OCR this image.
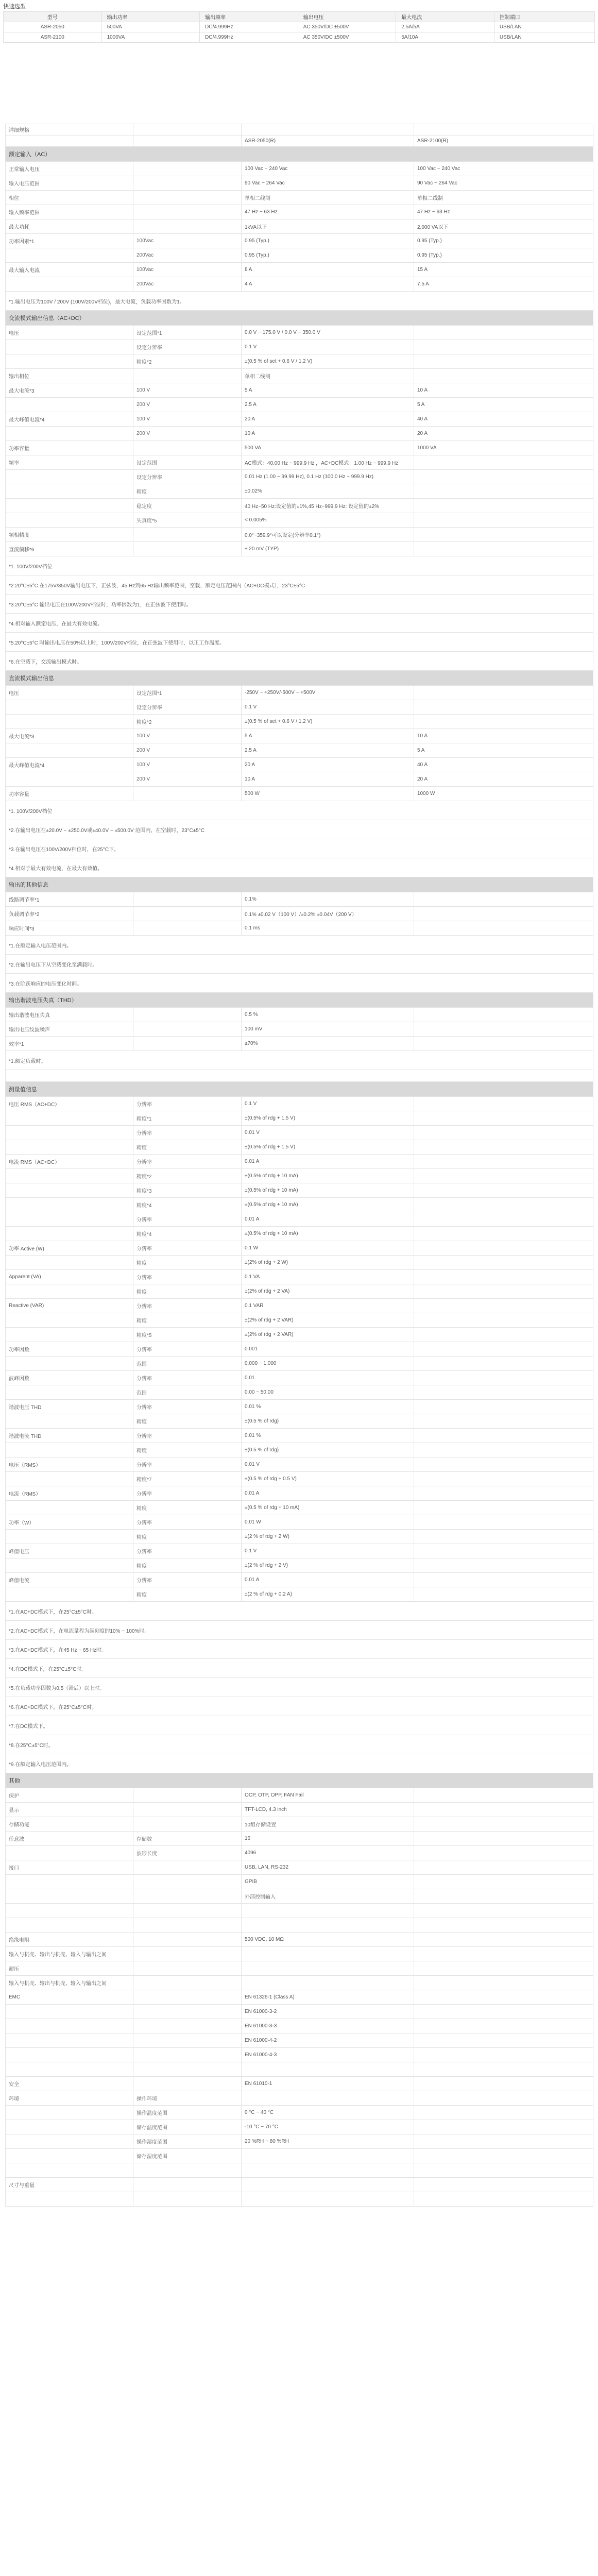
快速选型
型号	输出功率	输出频率	输出电压	最大电流	控制端口
ASR-2050	500VA	DC/4.999Hz	AC 350V/DC ±500V	2.5A/5A	USB/LAN
ASR-2100	1000VA	DC/4.999Hz	AC 350V/DC ±500V	5A/10A	USB/LAN
详细规格			
		ASR-2050(R)	ASR-2100(R)
额定输入（AC）			
正常输入电压		100 Vac ~ 240 Vac	100 Vac ~ 240 Vac
输入电压范围		90 Vac ~ 264 Vac	90 Vac ~ 264 Vac
相位		单相二线制	单相二线制
输入频率范围		47 Hz ~ 63 Hz	47 Hz ~ 63 Hz
最大功耗		1kVA以下	2,000 VA以下
功率因素*1	100Vac	0.95 (Typ.)	0.95 (Typ.)
	200Vac	0.95 (Typ.)	0.95 (Typ.)
最大输入电流	100Vac	8 A	15 A
	200Vac	4 A	7.5 A
*1.输出电压为100V / 200V (100V/200V档位)，最大电流，负载功率因数为1。			
交流模式输出信息（AC+DC）			
电压	设定范围*1	0.0 V ~ 175.0 V / 0.0 V ~ 350.0 V	
	设定分辨率	0.1 V	
	精度*2	±(0.5 % of set + 0.6 V / 1.2 V)	
输出相位		单相二线制	
最大电流*3	100 V	5 A	10 A
	200 V	2.5 A	5 A
最大峰值电流*4	100 V	20 A	40 A
	200 V	10 A	20 A
功率容量		500 VA	1000 VA
频率	设定范围	AC模式：40.00 Hz ~ 999.9 Hz ，AC+DC模式：1.00 Hz ~ 999.9 Hz	
	设定分辨率	0.01 Hz (1.00 ~ 99.99 Hz), 0.1 Hz (100.0 Hz ~ 999.9 Hz)	
	精度	±0.02%	
	稳定度	40 Hz~50 Hz:设定值的±1%,45 Hz~999.9 Hz: 设定值的±2%	
	失真度*5	< 0.005%	
频相精度		0.0°~359.9°可以设定(分辨率0.1°)	
直流偏移*6		± 20 mV (TYP)	
*1. 100V/200V档位			
*2.20°C±5°C 在175V/350V输出电压下，正弦波，45 Hz到65 Hz输出频率范围，空载，额定电压范围内（AC+DC模式），23°C±5°C			
*3.20°C±5°C 输出电压在100V/200V档位时，功率因数为1，在正弦波下使用时。			
*4.相对输入额定电压，在最大有效电流。			
*5.20°C±5°C 时输出电压在50%以上时，100V/200V档位，在正弦波下使用时，以正工作温度。			
*6.在空载下，交流输出模式时。			
直流模式输出信息			
电压	设定范围*1	-250V ~ +250V/-500V ~ +500V	
	设定分辨率	0.1 V	
	精度*2	±(0.5 % of set + 0.6 V / 1.2 V)	
最大电流*3	100 V	5 A	10 A
	200 V	2.5 A	5 A
最大峰值电流*4	100 V	20 A	40 A
	200 V	10 A	20 A
功率容量		500 W	1000 W
*1. 100V/200V档位			
*2.在输出电压在±20.0V ~ ±250.0V或±40.0V ~ ±500.0V 范围内，在空载时，23°C±5°C			
*3.在输出电压在100V/200V档位时，在25°C下。			
*4.相对于最大有效电流，在最大有效值。			
输出的其他信息			
线路调节率*1		0.1%	
负载调节率*2		0.1% ±0.02 V（100 V）/±0.2% ±0.04V（200 V）	
响应时间*3		0.1 ms	
*1.在额定输入电压范围内。			
*2.在输出电压下从空载变化至满载时。			
*3.在阶跃响应的电压变化时间。			
输出谐波电压失真（THD）			
输出谐波电压失真		0.5 %	
输出电压纹波噪声		100 mV	
效率*1		≥70%	
*1.额定负载时。			

测量值信息			
电压 RMS（AC+DC）	分辨率	0.1 V	
	精度*1	±(0.5% of rdg + 1.5 V)	
	分辨率	0.01 V	
	精度	±(0.5% of rdg + 1.5 V)	
电流 RMS（AC+DC）	分辨率	0.01 A	
	精度*2	±(0.5% of rdg + 10 mA)	
	精度*3	±(0.5% of rdg + 10 mA)	
	精度*4	±(0.5% of rdg + 10 mA)	
	分辨率	0.01 A	
	精度*4	±(0.5% of rdg + 10 mA)	
功率 Active (W)	分辨率	0.1 W	
	精度	±(2% of rdg + 2 W)	
Apparent (VA)	分辨率	0.1 VA	
	精度	±(2% of rdg + 2 VA)	
Reactive (VAR)	分辨率	0.1 VAR	
	精度	±(2% of rdg + 2 VAR)	
	精度*5	±(2% of rdg + 2 VAR)	
功率因数	分辨率	0.001	
	范围	0.000 ~ 1.000	
波峰因数	分辨率	0.01	
	范围	0.00 ~ 50.00	
谐波电压 THD	分辨率	0.01 %	
	精度	±(0.5 % of rdg)	
谐波电流 THD	分辨率	0.01 %	
	精度	±(0.5 % of rdg)	
电压（RMS）	分辨率	0.01 V	
	精度*7	±(0.5 % of rdg + 0.5 V)	
电流（RMS）	分辨率	0.01 A	
	精度	±(0.5 % of rdg + 10 mA)	
功率（W）	分辨率	0.01 W	
	精度	±(2 % of rdg + 2 W)	
峰值电压	分辨率	0.1 V	
	精度	±(2 % of rdg + 2 V)	
峰值电流	分辨率	0.01 A	
	精度	±(2 % of rdg + 0.2 A)	
*1.在AC+DC模式下，在25°C±5°C时。			
*2.在AC+DC模式下，在电流量程为满刻度的10% ~ 100%时。			
*3.在AC+DC模式下，在45 Hz ~ 65 Hz时。			
*4.在DC模式下，在25°C±5°C时。			
*5.在负载功率因数为0.5（滞后）以上时。			
*6.在AC+DC模式下，在25°C±5°C时。			
*7.在DC模式下。			
*8.在25°C±5°C时。			
*9.在额定输入电压范围内。			
其他			
保护		OCP, OTP, OPP, FAN Fail	
显示		TFT-LCD, 4.3 inch	
存储功能		10组存储设置	
任意波	存储数	16	
	波形长度	4096	
接口		USB, LAN, RS-232	
		GPIB	
		外部控制输入	

绝缘电阻		500 VDC, 10 MΩ	
输入与机壳、输出与机壳、输入与输出之间			
耐压			
输入与机壳、输出与机壳、输入与输出之间			
EMC		EN 61326-1 (Class A)	
		EN 61000-3-2	
		EN 61000-3-3	
		EN 61000-4-2	
		EN 61000-4-3	

安全		EN 61010-1	
环境	操作环境		
	操作温度范围	0 °C ~ 40 °C	
	储存温度范围	-10 °C ~ 70 °C	
	操作湿度范围	20 %RH ~ 80 %RH	
	储存湿度范围		

尺寸与重量			
